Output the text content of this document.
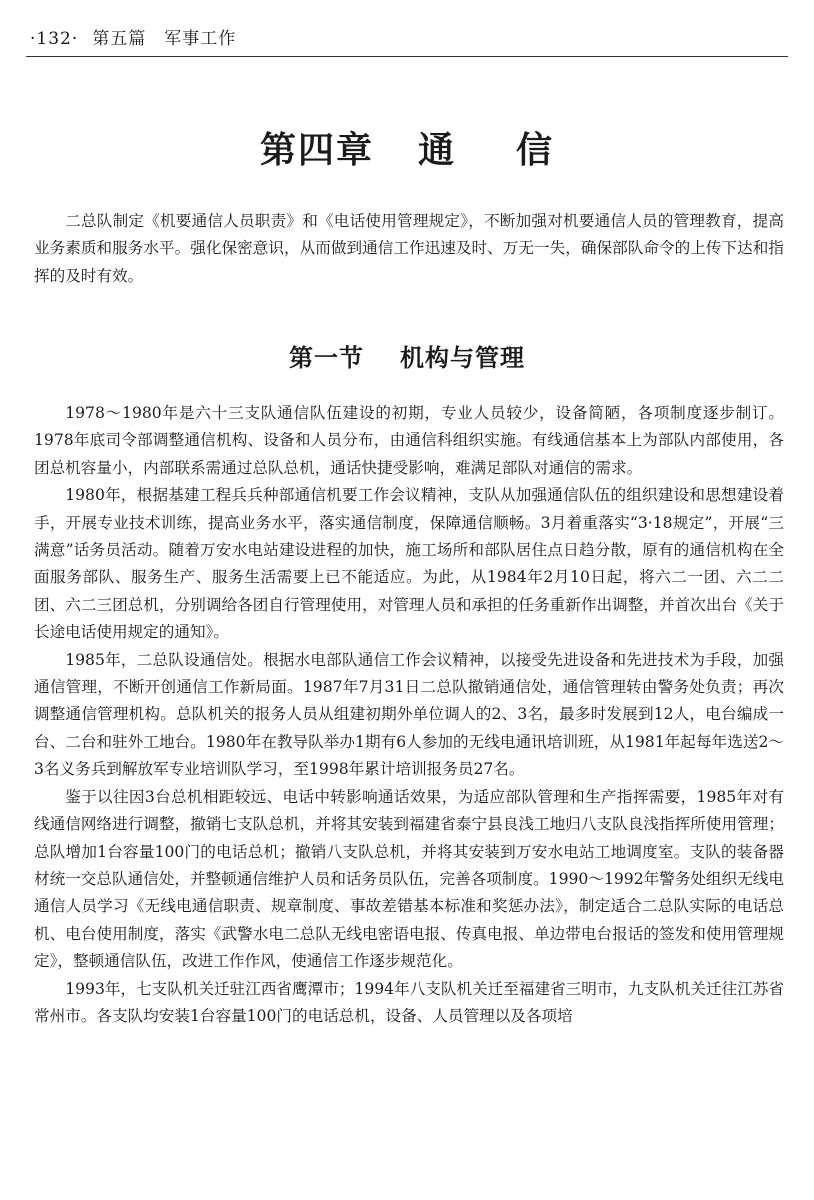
·132· 第五篇 军事工作
第四章 通 信

二总队制定《机要通信人员职责》和《电话使用管理规定》，不断加强对机要通信人员的管理教育，提高业务素质和服务水平。强化保密意识，从而做到通信工作迅速及时、万无一失，确保部队命令的上传下达和指挥的及时有效。

第一节 机构与管理

1978～1980年是六十三支队通信队伍建设的初期，专业人员较少，设备简陋，各项制度逐步制订。1978年底司令部调整通信机构、设备和人员分布，由通信科组织实施。有线通信基本上为部队内部使用，各团总机容量小，内部联系需通过总队总机，通话快捷受影响，难满足部队对通信的需求。

1980年，根据基建工程兵兵种部通信机要工作会议精神，支队从加强通信队伍的组织建设和思想建设着手，开展专业技术训练，提高业务水平，落实通信制度，保障通信顺畅。3月着重落实“3·18规定”，开展“三满意”话务员活动。随着万安水电站建设进程的加快，施工场所和部队居住点日趋分散，原有的通信机构在全面服务部队、服务生产、服务生活需要上已不能适应。为此，从1984年2月10日起，将六二一团、六二二团、六二三团总机，分别调给各团自行管理使用，对管理人员和承担的任务重新作出调整，并首次出台《关于长途电话使用规定的通知》。

1985年，二总队设通信处。根据水电部队通信工作会议精神，以接受先进设备和先进技术为手段，加强通信管理，不断开创通信工作新局面。1987年7月31日二总队撤销通信处，通信管理转由警务处负责；再次调整通信管理机构。总队机关的报务人员从组建初期外单位调人的2、3名，最多时发展到12人，电台编成一台、二台和驻外工地台。1980年在教导队举办1期有6人参加的无线电通讯培训班，从1981年起每年选送2～3名义务兵到解放军专业培训队学习，至1998年累计培训报务员27名。

鉴于以往因3台总机相距较远、电话中转影响通话效果，为适应部队管理和生产指挥需要，1985年对有线通信网络进行调整，撤销七支队总机，并将其安装到福建省泰宁县良浅工地归八支队良浅指挥所使用管理；总队增加1台容量100门的电话总机；撤销八支队总机，并将其安装到万安水电站工地调度室。支队的装备器材统一交总队通信处，并整顿通信维护人员和话务员队伍，完善各项制度。1990～1992年警务处组织无线电通信人员学习《无线电通信职责、规章制度、事故差错基本标准和奖惩办法》，制定适合二总队实际的电话总机、电台使用制度，落实《武警水电二总队无线电密语电报、传真电报、单边带电台报话的签发和使用管理规定》，整顿通信队伍，改进工作作风，使通信工作逐步规范化。

1993年，七支队机关迁驻江西省鹰潭市；1994年八支队机关迁至福建省三明市，九支队机关迁往江苏省常州市。各支队均安装1台容量100门的电话总机，设备、人员管理以及各项培
